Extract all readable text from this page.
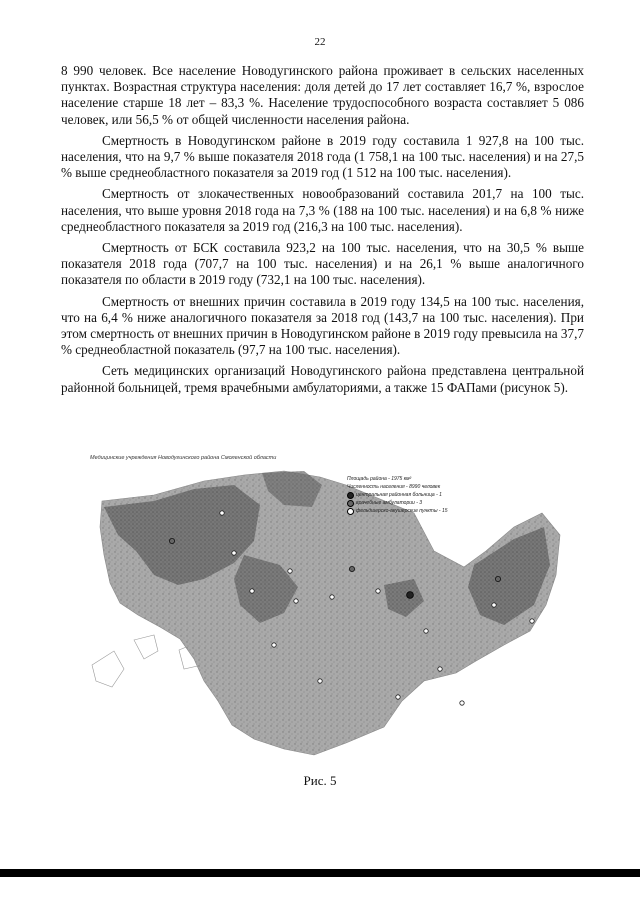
22

8 990 человек. Все население Новодугинского района проживает в сельских населенных пунктах. Возрастная структура населения: доля детей до 17 лет составляет 16,7 %, взрослое население старше 18 лет – 83,3 %. Население трудоспособного возраста составляет 5 086 человек, или 56,5 % от общей численности населения района.

Смертность в Новодугинском районе в 2019 году составила 1 927,8 на 100 тыс. населения, что на 9,7 % выше показателя 2018 года (1 758,1 на 100 тыс. населения) и на 27,5 % выше среднеобластного показателя за 2019 год (1 512 на 100 тыс. населения).

Смертность от злокачественных новообразований составила 201,7 на 100 тыс. населения, что выше уровня 2018 года на 7,3 % (188 на 100 тыс. населения) и на 6,8 % ниже среднеобластного показателя за 2019 год (216,3 на 100 тыс. населения).

Смертность от БСК составила 923,2 на 100 тыс. населения, что на 30,5 % выше показателя 2018 года (707,7 на 100 тыс. населения) и на 26,1 % выше аналогичного показателя по области в 2019 году (732,1 на 100 тыс. населения).

Смертность от внешних причин составила в 2019 году 134,5 на 100 тыс. населения, что на 6,4 % ниже аналогичного показателя за 2018 год (143,7 на 100 тыс. населения). При этом смертность от внешних причин в Новодугинском районе в 2019 году превысила на 37,7 % среднеобластной показатель (97,7 на 100 тыс. населения).

Сеть медицинских организаций Новодугинского района представлена центральной районной больницей, тремя врачебными амбулаториями, а также 15 ФАПами (рисунок 5).

Медицинские учреждения Новодугинского района Смоленской области
Площадь района - 1975 км²
Численность населения - 8990 человек
центральная районная больница - 1
врачебные амбулатории - 3
фельдшерско-акушерские пункты - 15
Рис. 5
